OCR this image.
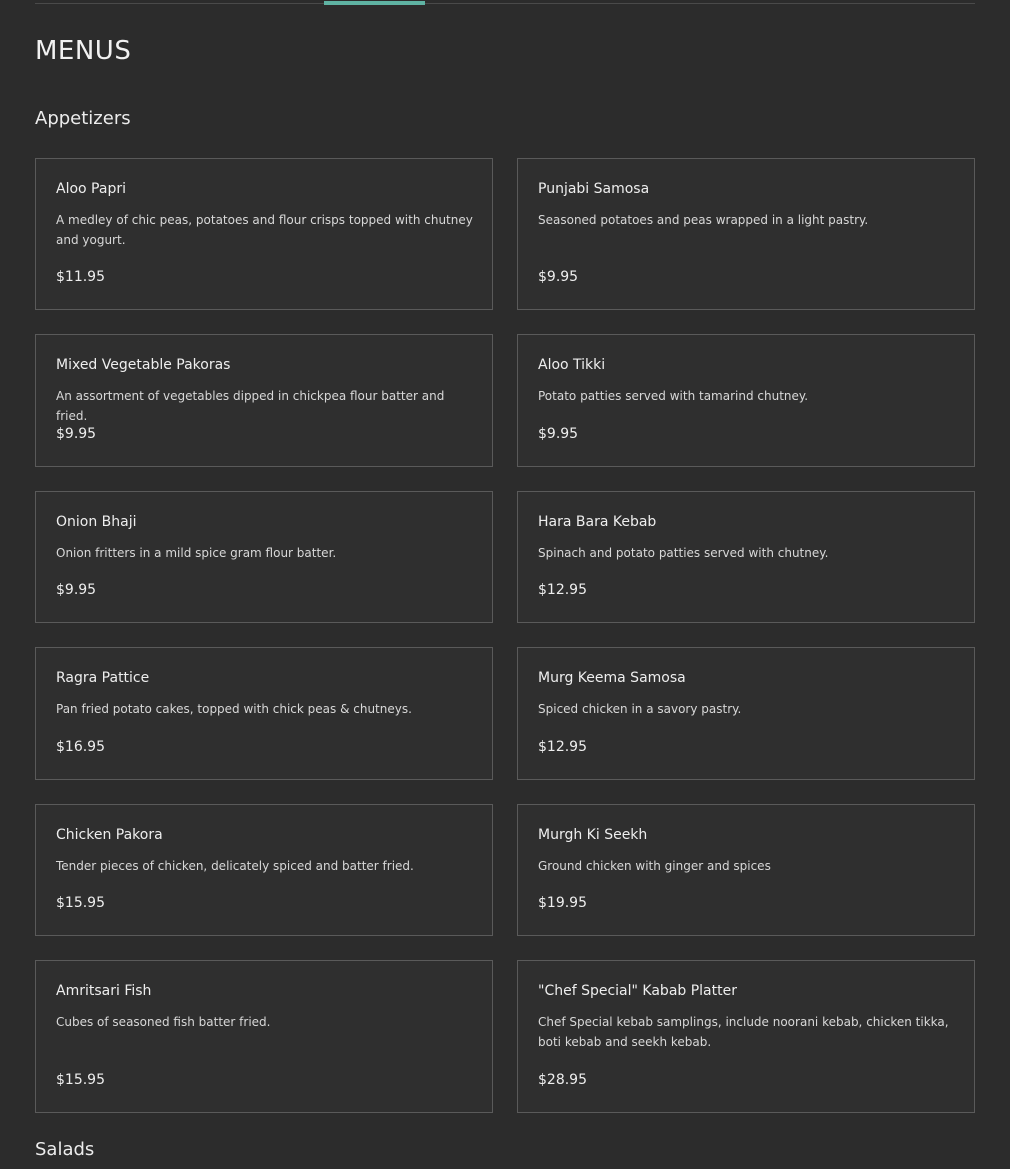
MENUS
Appetizers
Aloo Papri
A medley of chic peas, potatoes and flour crisps topped with chutney and yogurt.
$11.95
Punjabi Samosa
Seasoned potatoes and peas wrapped in a light pastry.
$9.95
Mixed Vegetable Pakoras
An assortment of vegetables dipped in chickpea flour batter and fried.
$9.95
Aloo Tikki
Potato patties served with tamarind chutney.
$9.95
Onion Bhaji
Onion fritters in a mild spice gram flour batter.
$9.95
Hara Bara Kebab
Spinach and potato patties served with chutney.
$12.95
Ragra Pattice
Pan fried potato cakes, topped with chick peas & chutneys.
$16.95
Murg Keema Samosa
Spiced chicken in a savory pastry.
$12.95
Chicken Pakora
Tender pieces of chicken, delicately spiced and batter fried.
$15.95
Murgh Ki Seekh
Ground chicken with ginger and spices
$19.95
Amritsari Fish
Cubes of seasoned fish batter fried.
$15.95
"Chef Special" Kabab Platter
Chef Special kebab samplings, include noorani kebab, chicken tikka, boti kebab and seekh kebab.
$28.95
Salads
